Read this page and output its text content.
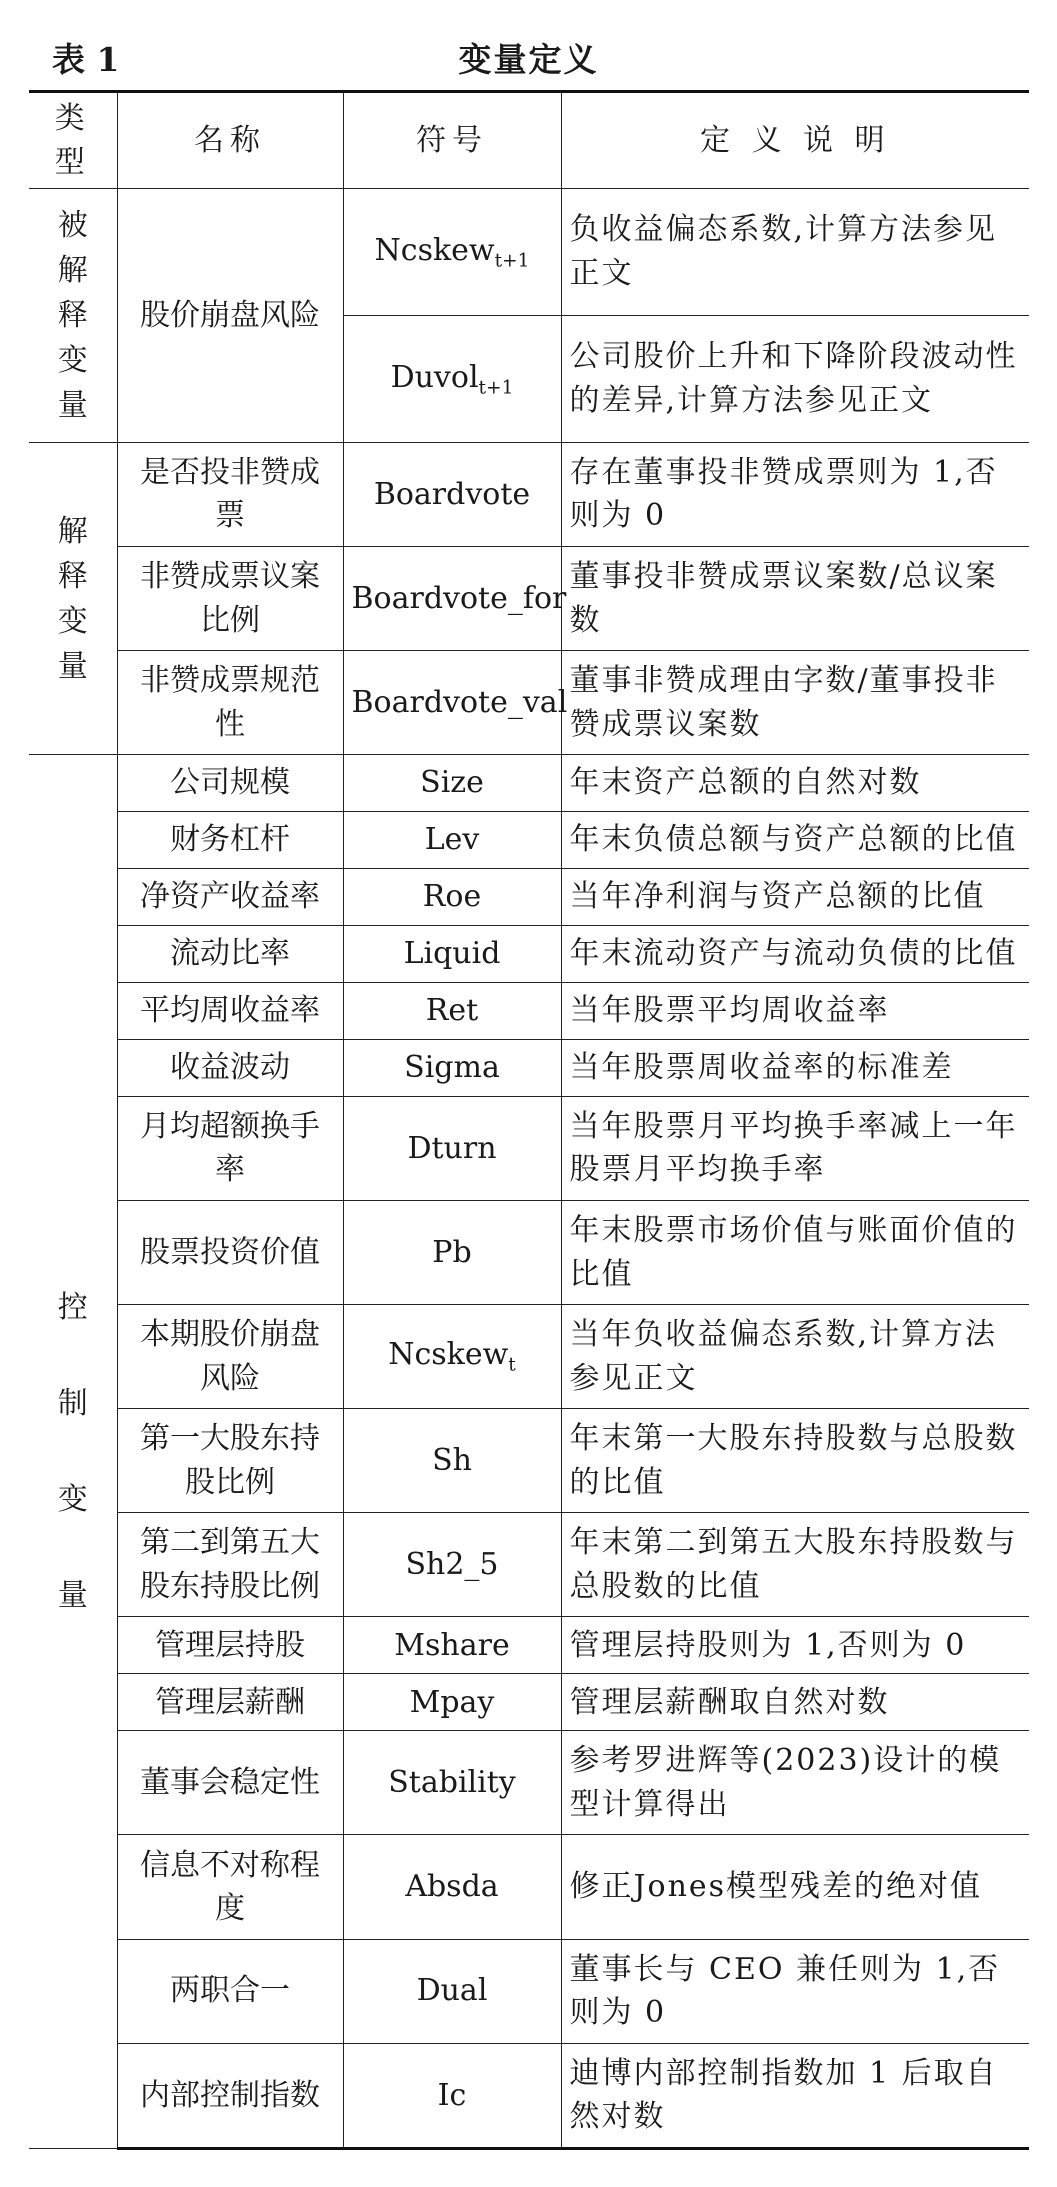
表 1	变量定义
类型	名称	符号	定 义 说 明
被解释变量	股价崩盘风险	Ncskew$_{t+1}$	负收益偏态系数,计算方法参见正文
		Duvol$_{t+1}$	公司股价上升和下降阶段波动性的差异,计算方法参见正文
解释变量	是否投非赞成票	Boardvote	存在董事投非赞成票则为 1,否则为 0
	非赞成票议案比例	Boardvote_for	董事投非赞成票议案数/总议案数
	非赞成票规范性	Boardvote_val	董事非赞成理由字数/董事投非赞成票议案数
控制变量	公司规模	Size	年末资产总额的自然对数
	财务杠杆	Lev	年末负债总额与资产总额的比值
	净资产收益率	Roe	当年净利润与资产总额的比值
	流动比率	Liquid	年末流动资产与流动负债的比值
	平均周收益率	Ret	当年股票平均周收益率
	收益波动	Sigma	当年股票周收益率的标准差
	月均超额换手率	Dturn	当年股票月平均换手率减上一年股票月平均换手率
	股票投资价值	Pb	年末股票市场价值与账面价值的比值
	本期股价崩盘风险	Ncskew$_t$	当年负收益偏态系数,计算方法参见正文
	第一大股东持股比例	Sh	年末第一大股东持股数与总股数的比值
	第二到第五大股东持股比例	Sh2_5	年末第二到第五大股东持股数与总股数的比值
	管理层持股	Mshare	管理层持股则为 1,否则为 0
	管理层薪酬	Mpay	管理层薪酬取自然对数
	董事会稳定性	Stability	参考罗进辉等(2023)设计的模型计算得出
	信息不对称程度	Absda	修正Jones模型残差的绝对值
	两职合一	Dual	董事长与 CEO 兼任则为 1,否则为 0
	内部控制指数	Ic	迪博内部控制指数加 1 后取自然对数
